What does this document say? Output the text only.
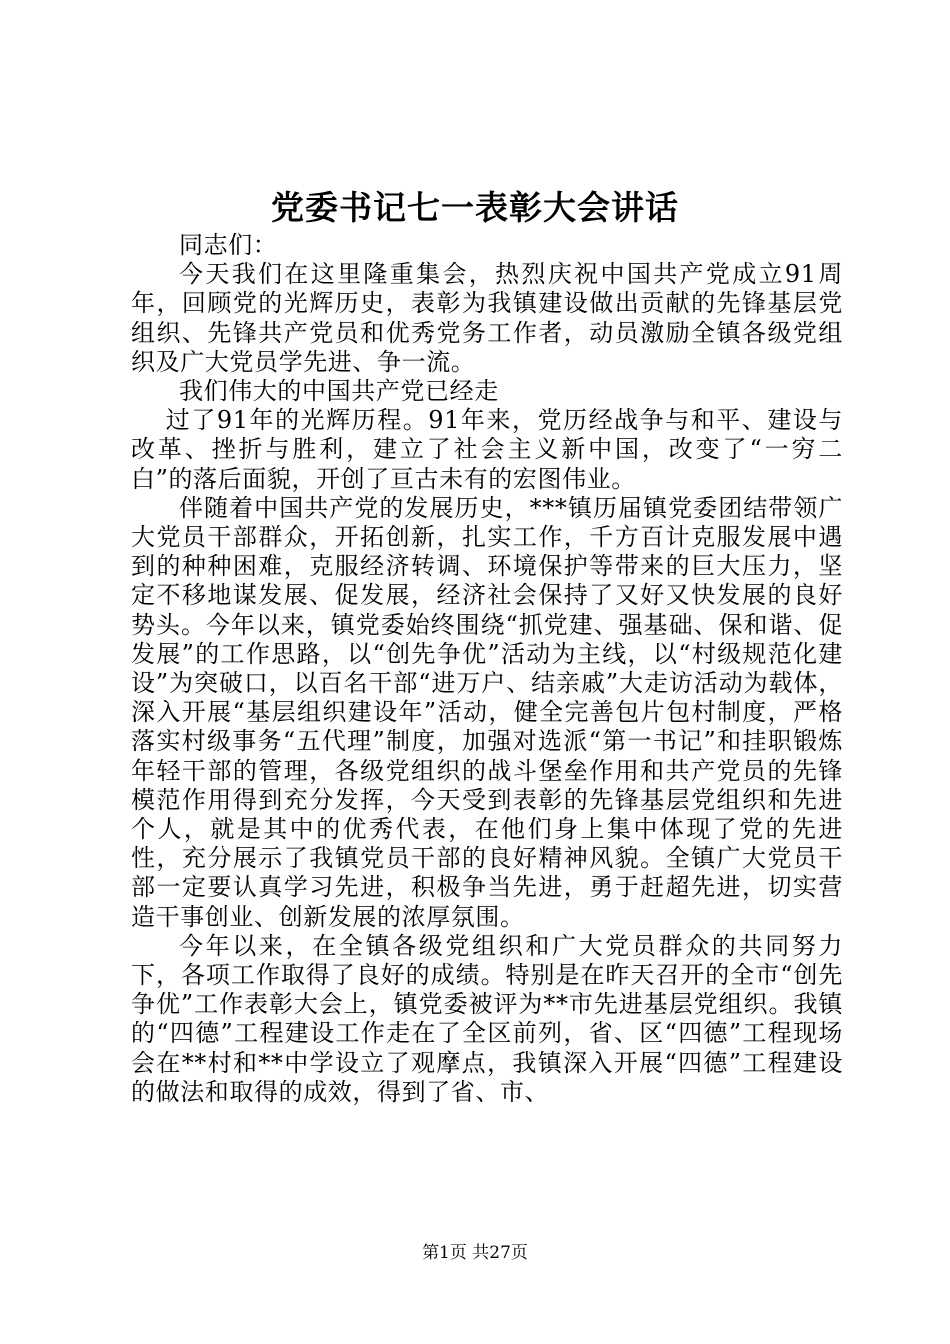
党委书记七一表彰大会讲话

同志们：

今天我们在这里隆重集会，热烈庆祝中国共产党成立91周年，回顾党的光辉历史，表彰为我镇建设做出贡献的先锋基层党组织、先锋共产党员和优秀党务工作者，动员激励全镇各级党组织及广大党员学先进、争一流。

我们伟大的中国共产党已经走

过了91年的光辉历程。91年来，党历经战争与和平、建设与改革、挫折与胜利，建立了社会主义新中国，改变了“一穷二白”的落后面貌，开创了亘古未有的宏图伟业。

伴随着中国共产党的发展历史，***镇历届镇党委团结带领广大党员干部群众，开拓创新，扎实工作，千方百计克服发展中遇到的种种困难，克服经济转调、环境保护等带来的巨大压力，坚定不移地谋发展、促发展，经济社会保持了又好又快发展的良好势头。今年以来，镇党委始终围绕“抓党建、强基础、保和谐、促发展”的工作思路，以“创先争优”活动为主线，以“村级规范化建设”为突破口，以百名干部“进万户、结亲戚”大走访活动为载体，深入开展“基层组织建设年”活动，健全完善包片包村制度，严格落实村级事务“五代理”制度，加强对选派“第一书记”和挂职锻炼年轻干部的管理，各级党组织的战斗堡垒作用和共产党员的先锋模范作用得到充分发挥，今天受到表彰的先锋基层党组织和先进个人，就是其中的优秀代表，在他们身上集中体现了党的先进性，充分展示了我镇党员干部的良好精神风貌。全镇广大党员干部一定要认真学习先进，积极争当先进，勇于赶超先进，切实营造干事创业、创新发展的浓厚氛围。

今年以来，在全镇各级党组织和广大党员群众的共同努力下，各项工作取得了良好的成绩。特别是在昨天召开的全市“创先争优”工作表彰大会上，镇党委被评为**市先进基层党组织。我镇的“四德”工程建设工作走在了全区前列，省、区“四德”工程现场会在**村和**中学设立了观摩点，我镇深入开展“四德”工程建设的做法和取得的成效，得到了省、市、

第1页 共27页
